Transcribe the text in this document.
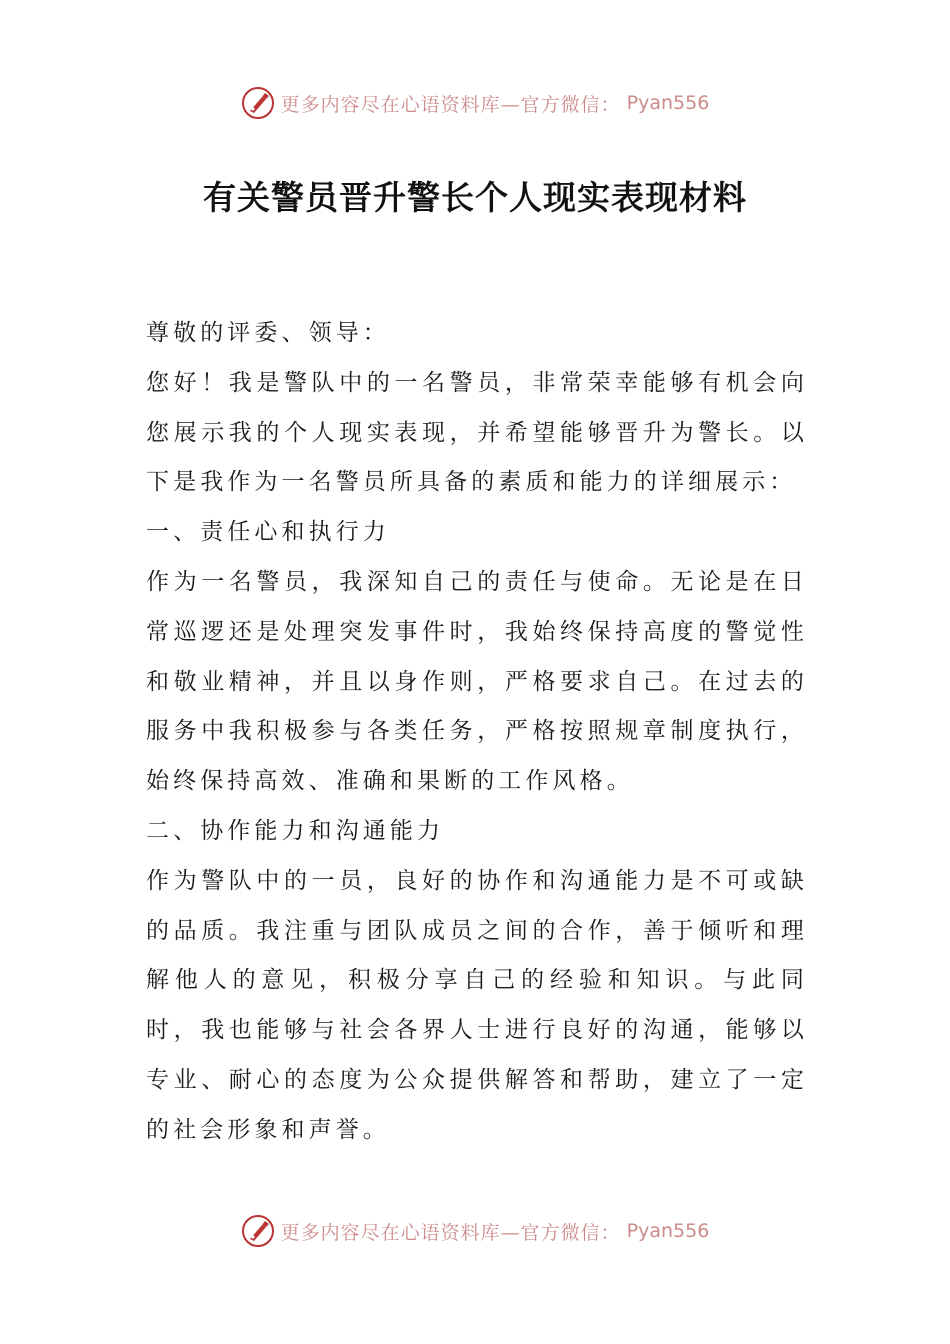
更多内容尽在心语资料库—官方微信： Pyan556
有关警员晋升警长个人现实表现材料

尊敬的评委、领导：

您好！我是警队中的一名警员，非常荣幸能够有机会向您展示我的个人现实表现，并希望能够晋升为警长。以下是我作为一名警员所具备的素质和能力的详细展示：

一、责任心和执行力

作为一名警员，我深知自己的责任与使命。无论是在日常巡逻还是处理突发事件时，我始终保持高度的警觉性和敬业精神，并且以身作则，严格要求自己。在过去的服务中我积极参与各类任务，严格按照规章制度执行，始终保持高效、准确和果断的工作风格。

二、协作能力和沟通能力

作为警队中的一员，良好的协作和沟通能力是不可或缺的品质。我注重与团队成员之间的合作，善于倾听和理解他人的意见，积极分享自己的经验和知识。与此同时，我也能够与社会各界人士进行良好的沟通，能够以专业、耐心的态度为公众提供解答和帮助，建立了一定的社会形象和声誉。

更多内容尽在心语资料库—官方微信： Pyan556
